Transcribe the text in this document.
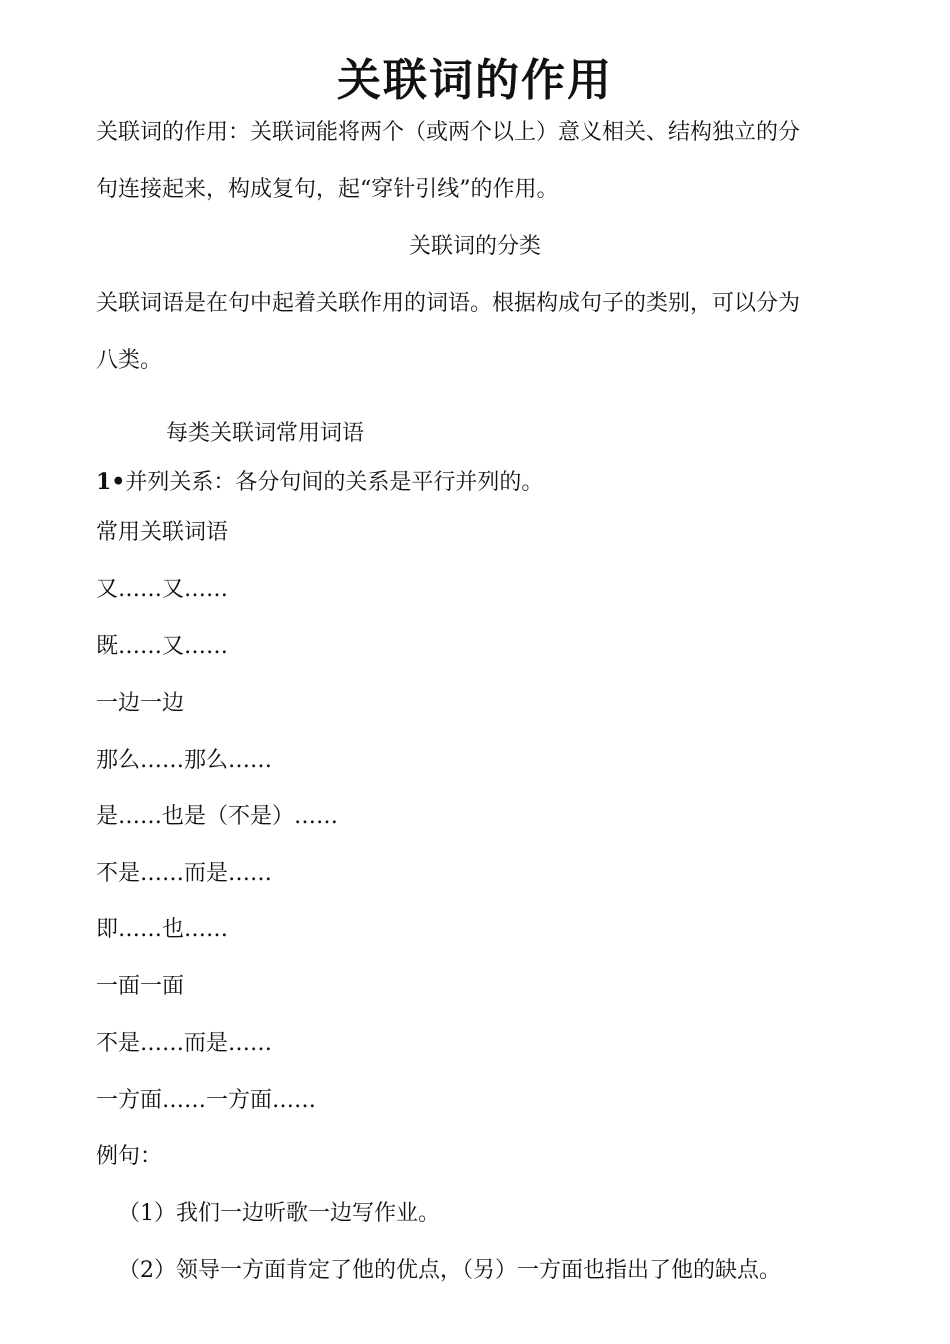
关联词的作用

关联词的作用：关联词能将两个（或两个以上）意义相关、结构独立的分

句连接起来，构成复句，起“穿针引线”的作用。

关联词的分类

关联词语是在句中起着关联作用的词语。根据构成句子的类别，可以分为

八类。

每类关联词常用词语

1•并列关系：各分句间的关系是平行并列的。

常用关联词语

又……又……

既……又……

一边一边

那么……那么……

是……也是（不是）……

不是……而是……

即……也……

一面一面

不是……而是……

一方面……一方面……

例句：

（1）我们一边听歌一边写作业。

（2）领导一方面肯定了他的优点，（另）一方面也指出了他的缺点。
